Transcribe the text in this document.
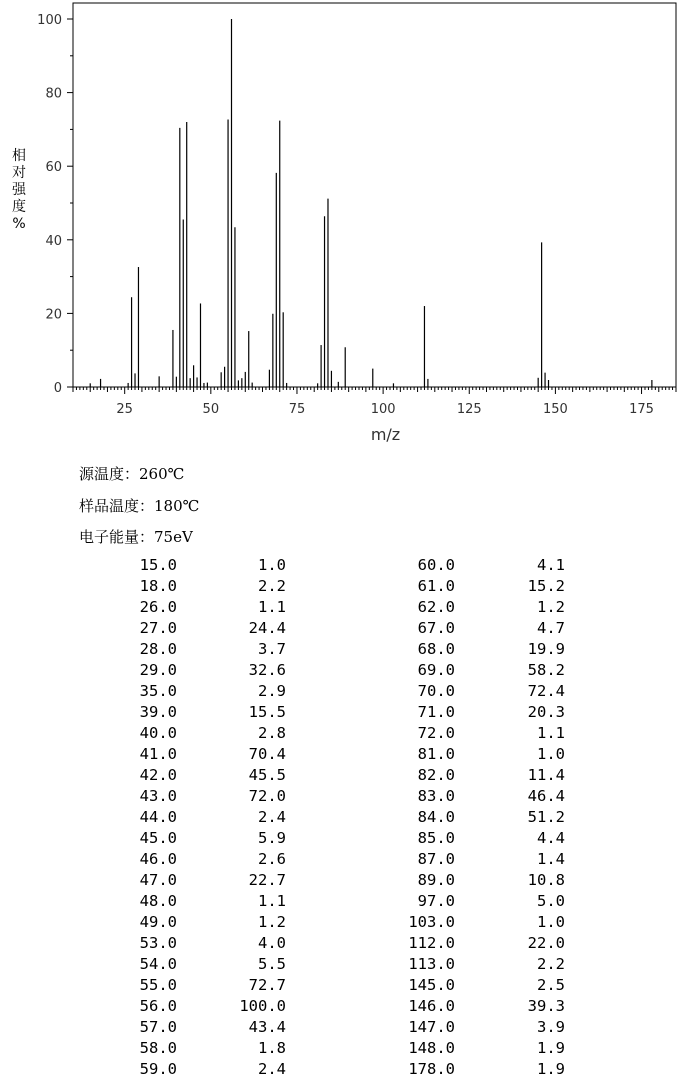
0
20
40
60
80
100
25	50	75	100	125	150	175
m/z
相
对
强
度
%
源温度：260℃
样品温度：180℃
电子能量：75eV
15.0	1.0	60.0	4.1
18.0	2.2	61.0	15.2
26.0	1.1	62.0	1.2
27.0	24.4	67.0	4.7
28.0	3.7	68.0	19.9
29.0	32.6	69.0	58.2
35.0	2.9	70.0	72.4
39.0	15.5	71.0	20.3
40.0	2.8	72.0	1.1
41.0	70.4	81.0	1.0
42.0	45.5	82.0	11.4
43.0	72.0	83.0	46.4
44.0	2.4	84.0	51.2
45.0	5.9	85.0	4.4
46.0	2.6	87.0	1.4
47.0	22.7	89.0	10.8
48.0	1.1	97.0	5.0
49.0	1.2	103.0	1.0
53.0	4.0	112.0	22.0
54.0	5.5	113.0	2.2
55.0	72.7	145.0	2.5
56.0	100.0	146.0	39.3
57.0	43.4	147.0	3.9
58.0	1.8	148.0	1.9
59.0	2.4	178.0	1.9
